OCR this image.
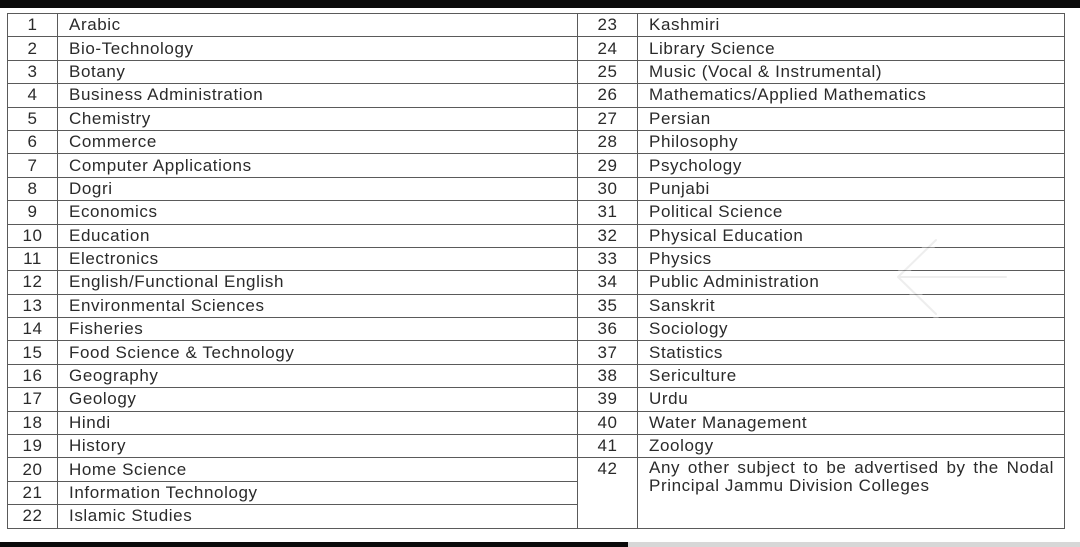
1	Arabic	23	Kashmiri
2	Bio-Technology	24	Library Science
3	Botany	25	Music (Vocal & Instrumental)
4	Business Administration	26	Mathematics/Applied Mathematics
5	Chemistry	27	Persian
6	Commerce	28	Philosophy
7	Computer Applications	29	Psychology
8	Dogri	30	Punjabi
9	Economics	31	Political Science
10	Education	32	Physical Education
11	Electronics	33	Physics
12	English/Functional English	34	Public Administration
13	Environmental Sciences	35	Sanskrit
14	Fisheries	36	Sociology
15	Food Science & Technology	37	Statistics
16	Geography	38	Sericulture
17	Geology	39	Urdu
18	Hindi	40	Water Management
19	History	41	Zoology
20	Home Science	42	Any other subject to be advertised by the Nodal Principal Jammu Division Colleges
21	Information Technology		
22	Islamic Studies		
